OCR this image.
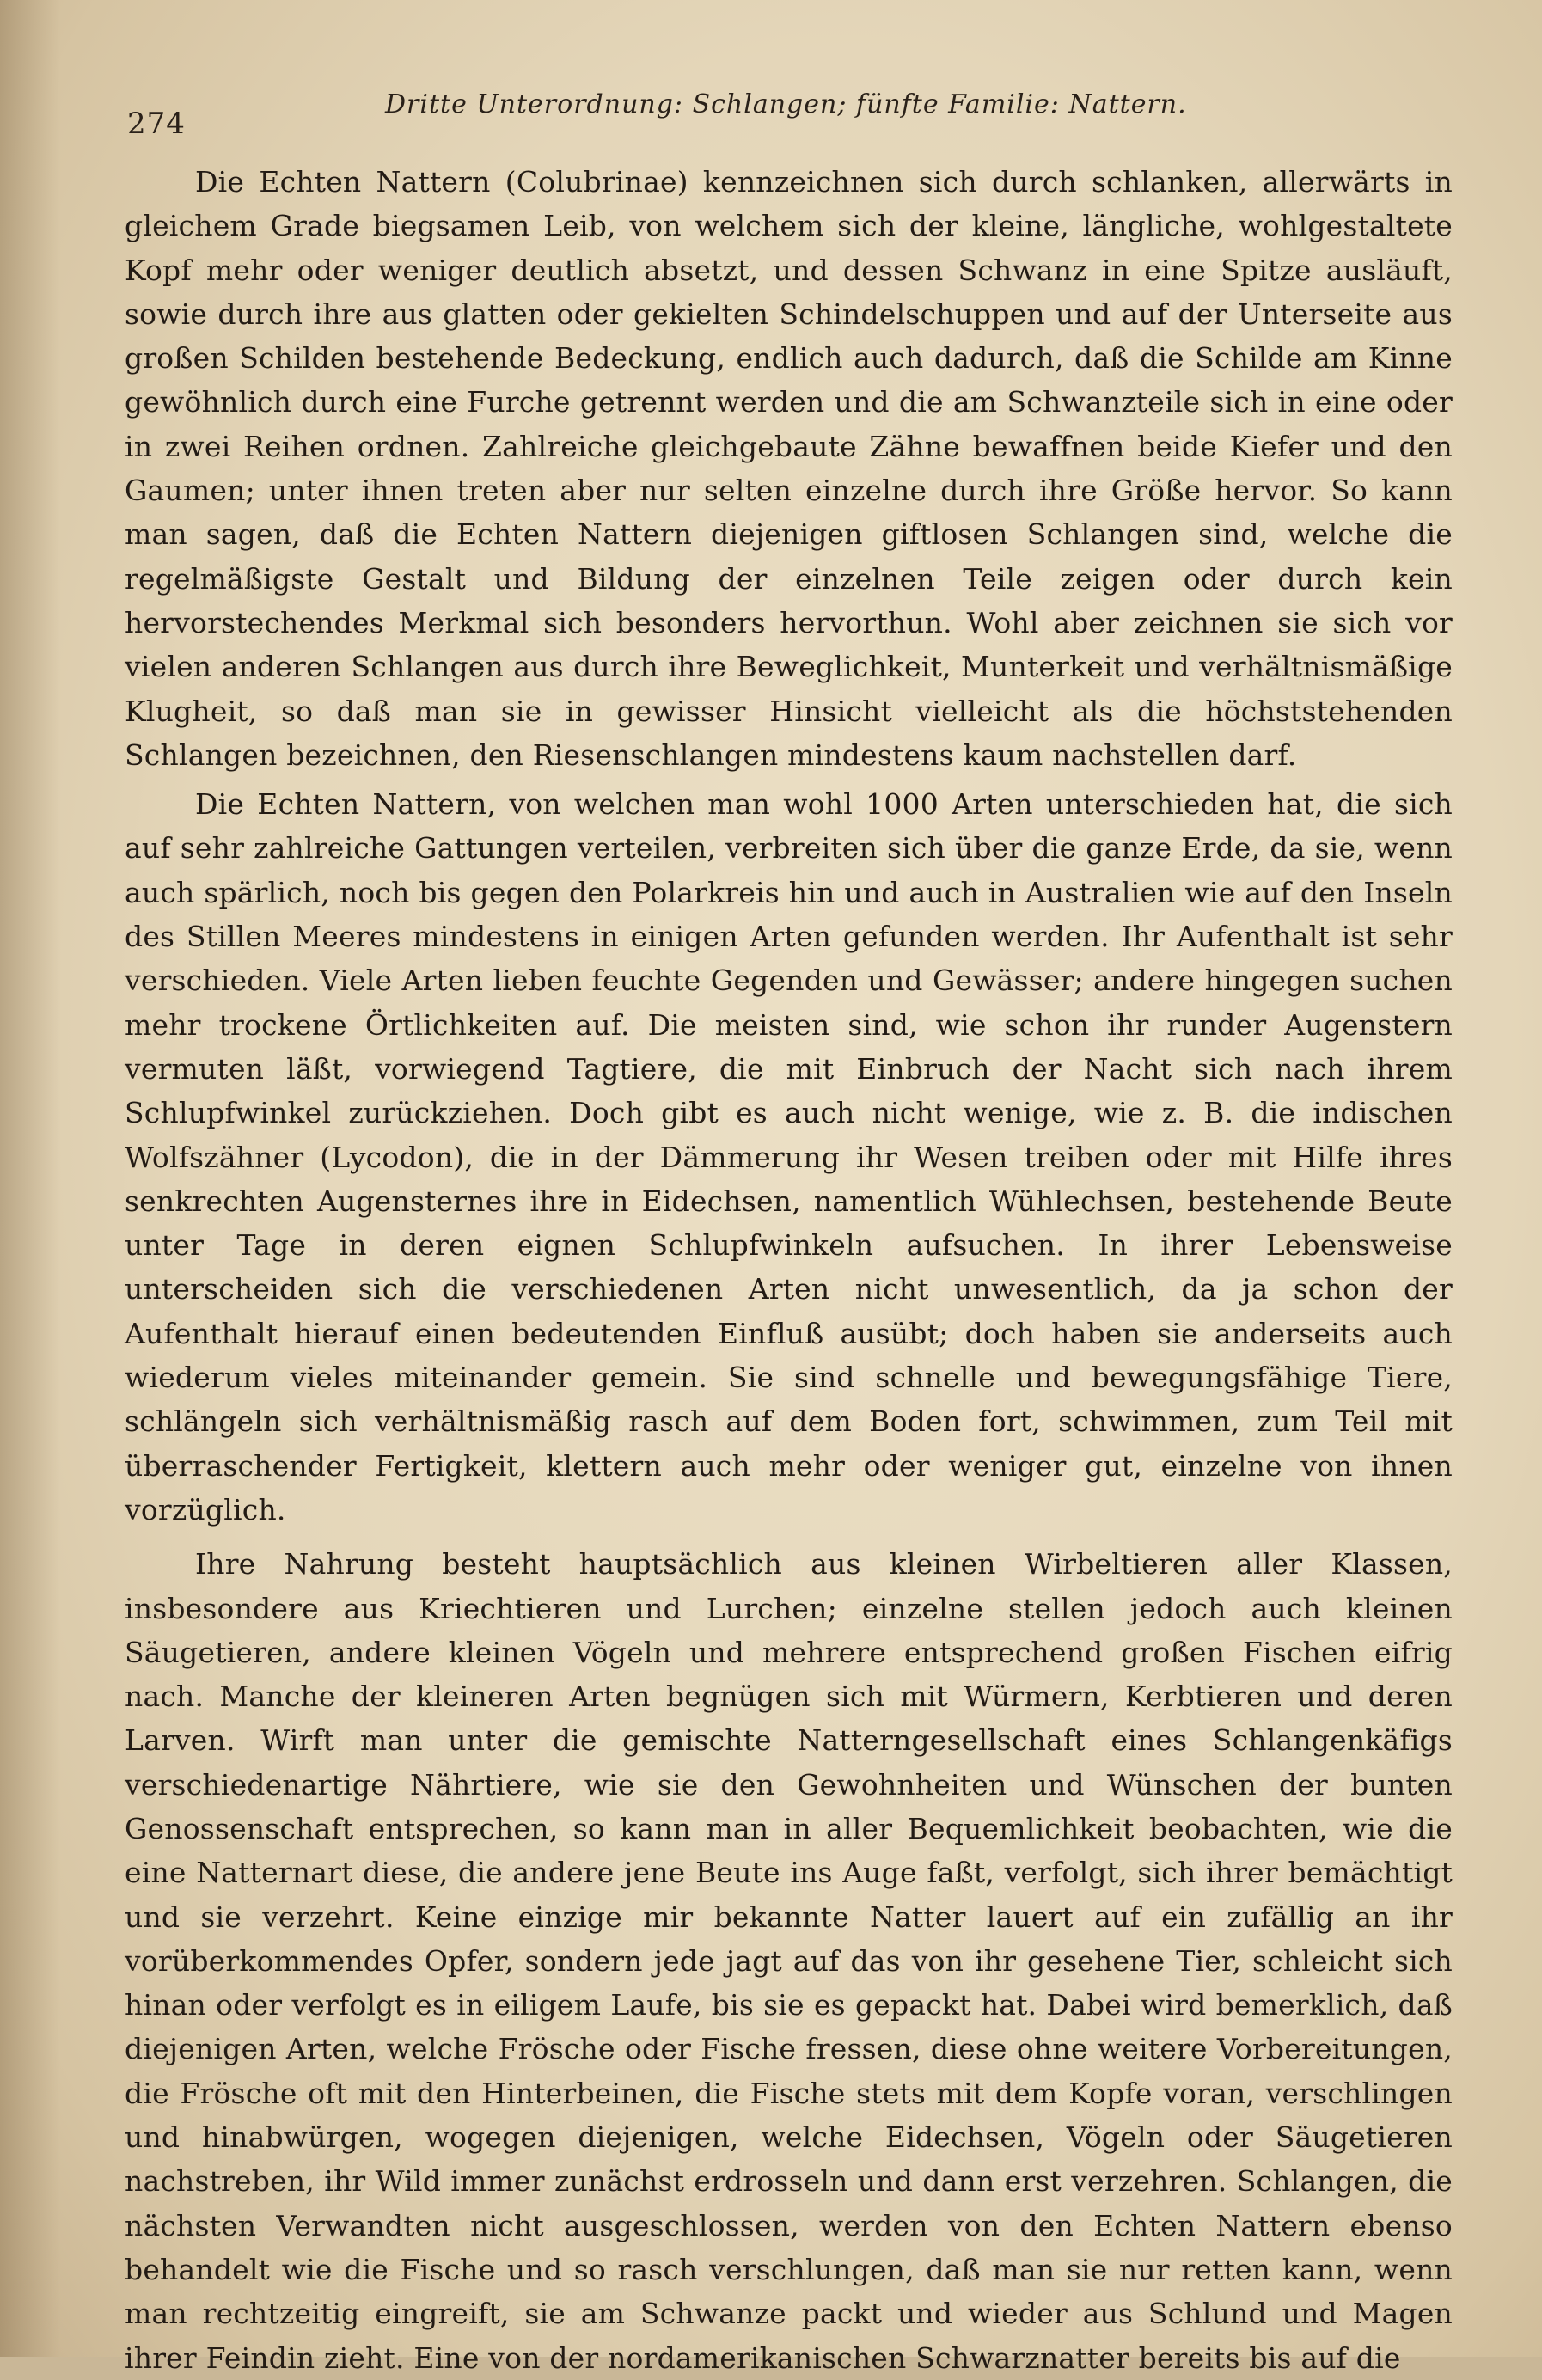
274
Dritte Unterordnung: Schlangen; fünfte Familie: Nattern.

Die Echten Nattern (Colubrinae) kennzeichnen sich durch schlanken, allerwärts in gleichem Grade biegsamen Leib, von welchem sich der kleine, längliche, wohlgestaltete Kopf mehr oder weniger deutlich absetzt, und dessen Schwanz in eine Spitze ausläuft, sowie durch ihre aus glatten oder gekielten Schindelschuppen und auf der Unterseite aus großen Schilden bestehende Bedeckung, endlich auch dadurch, daß die Schilde am Kinne gewöhnlich durch eine Furche getrennt werden und die am Schwanzteile sich in eine oder in zwei Reihen ordnen. Zahlreiche gleichgebaute Zähne bewaffnen beide Kiefer und den Gaumen; unter ihnen treten aber nur selten einzelne durch ihre Größe hervor. So kann man sagen, daß die Echten Nattern diejenigen giftlosen Schlangen sind, welche die regelmäßigste Gestalt und Bildung der einzelnen Teile zeigen oder durch kein hervorstechendes Merkmal sich besonders hervorthun. Wohl aber zeichnen sie sich vor vielen anderen Schlangen aus durch ihre Beweglichkeit, Munterkeit und verhältnismäßige Klugheit, so daß man sie in gewisser Hinsicht vielleicht als die höchststehenden Schlangen bezeichnen, den Riesenschlangen mindestens kaum nachstellen darf.

Die Echten Nattern, von welchen man wohl 1000 Arten unterschieden hat, die sich auf sehr zahlreiche Gattungen verteilen, verbreiten sich über die ganze Erde, da sie, wenn auch spärlich, noch bis gegen den Polarkreis hin und auch in Australien wie auf den Inseln des Stillen Meeres mindestens in einigen Arten gefunden werden. Ihr Aufenthalt ist sehr verschieden. Viele Arten lieben feuchte Gegenden und Gewässer; andere hingegen suchen mehr trockene Örtlichkeiten auf. Die meisten sind, wie schon ihr runder Augenstern vermuten läßt, vorwiegend Tagtiere, die mit Einbruch der Nacht sich nach ihrem Schlupfwinkel zurückziehen. Doch gibt es auch nicht wenige, wie z. B. die indischen Wolfszähner (Lycodon), die in der Dämmerung ihr Wesen treiben oder mit Hilfe ihres senkrechten Augensternes ihre in Eidechsen, namentlich Wühlechsen, bestehende Beute unter Tage in deren eignen Schlupfwinkeln aufsuchen. In ihrer Lebensweise unterscheiden sich die verschiedenen Arten nicht unwesentlich, da ja schon der Aufenthalt hierauf einen bedeutenden Einfluß ausübt; doch haben sie anderseits auch wiederum vieles miteinander gemein. Sie sind schnelle und bewegungsfähige Tiere, schlängeln sich verhältnismäßig rasch auf dem Boden fort, schwimmen, zum Teil mit überraschender Fertigkeit, klettern auch mehr oder weniger gut, einzelne von ihnen vorzüglich.

Ihre Nahrung besteht hauptsächlich aus kleinen Wirbeltieren aller Klassen, insbesondere aus Kriechtieren und Lurchen; einzelne stellen jedoch auch kleinen Säugetieren, andere kleinen Vögeln und mehrere entsprechend großen Fischen eifrig nach. Manche der kleineren Arten begnügen sich mit Würmern, Kerbtieren und deren Larven. Wirft man unter die gemischte Natterngesellschaft eines Schlangenkäfigs verschiedenartige Nährtiere, wie sie den Gewohnheiten und Wünschen der bunten Genossenschaft entsprechen, so kann man in aller Bequemlichkeit beobachten, wie die eine Natternart diese, die andere jene Beute ins Auge faßt, verfolgt, sich ihrer bemächtigt und sie verzehrt. Keine einzige mir bekannte Natter lauert auf ein zufällig an ihr vorüberkommendes Opfer, sondern jede jagt auf das von ihr gesehene Tier, schleicht sich hinan oder verfolgt es in eiligem Laufe, bis sie es gepackt hat. Dabei wird bemerklich, daß diejenigen Arten, welche Frösche oder Fische fressen, diese ohne weitere Vorbereitungen, die Frösche oft mit den Hinterbeinen, die Fische stets mit dem Kopfe voran, verschlingen und hinabwürgen, wogegen diejenigen, welche Eidechsen, Vögeln oder Säugetieren nachstreben, ihr Wild immer zunächst erdrosseln und dann erst verzehren. Schlangen, die nächsten Verwandten nicht ausgeschlossen, werden von den Echten Nattern ebenso behandelt wie die Fische und so rasch verschlungen, daß man sie nur retten kann, wenn man rechtzeitig eingreift, sie am Schwanze packt und wieder aus Schlund und Magen ihrer Feindin zieht. Eine von der nordamerikanischen Schwarznatter bereits bis auf die
